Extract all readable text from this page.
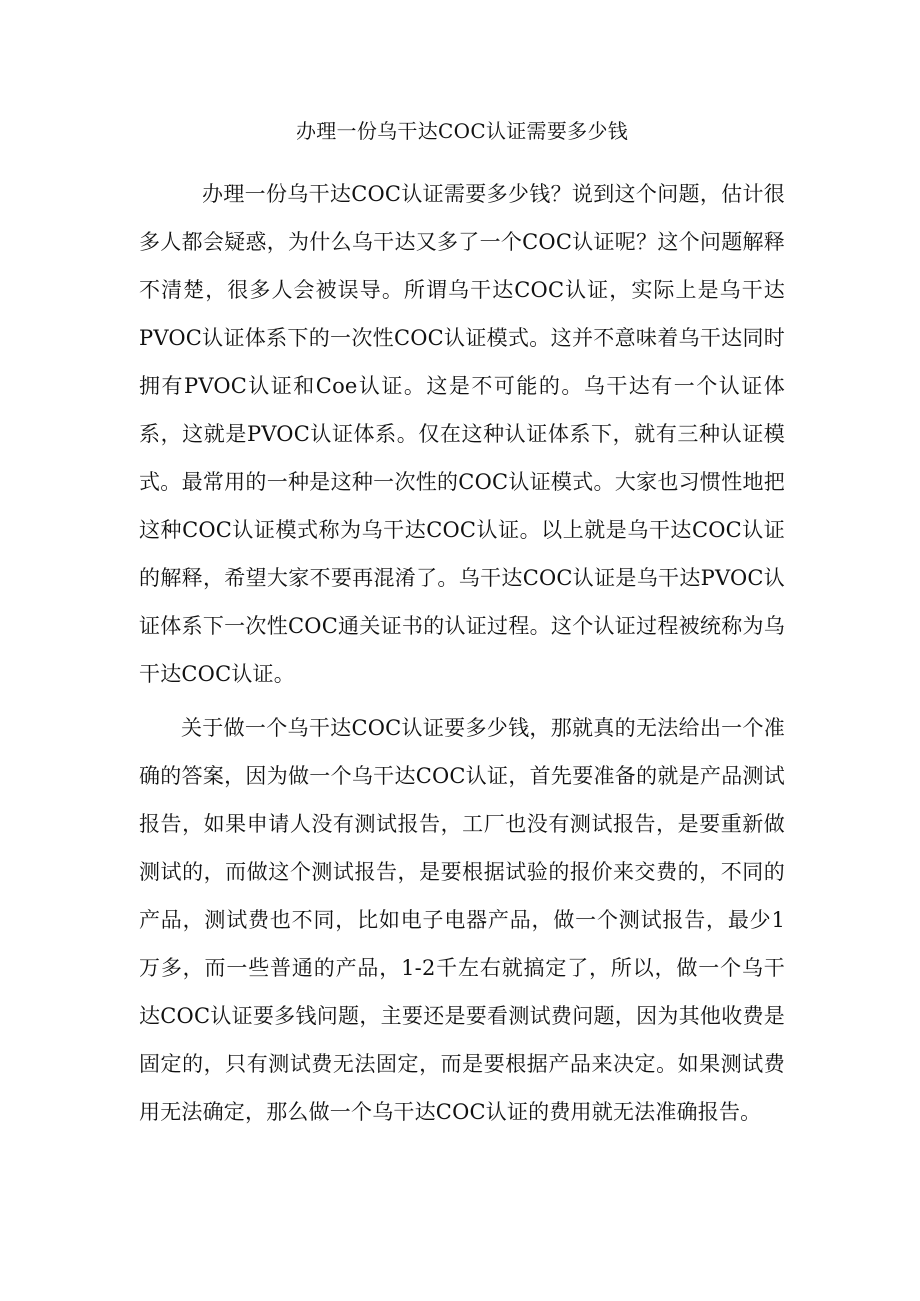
办理一份乌干达COC认证需要多少钱

办理一份乌干达COC认证需要多少钱？说到这个问题，估计很多人都会疑惑，为什么乌干达又多了一个COC认证呢？这个问题解释不清楚，很多人会被误导。所谓乌干达COC认证，实际上是乌干达PVOC认证体系下的一次性COC认证模式。这并不意味着乌干达同时拥有PVOC认证和Coe认证。这是不可能的。乌干达有一个认证体系，这就是PVOC认证体系。仅在这种认证体系下，就有三种认证模式。最常用的一种是这种一次性的COC认证模式。大家也习惯性地把这种COC认证模式称为乌干达COC认证。以上就是乌干达COC认证的解释，希望大家不要再混淆了。乌干达COC认证是乌干达PVOC认证体系下一次性COC通关证书的认证过程。这个认证过程被统称为乌干达COC认证。

关于做一个乌干达COC认证要多少钱，那就真的无法给出一个准确的答案，因为做一个乌干达COC认证，首先要准备的就是产品测试报告，如果申请人没有测试报告，工厂也没有测试报告，是要重新做测试的，而做这个测试报告，是要根据试验的报价来交费的，不同的产品，测试费也不同，比如电子电器产品，做一个测试报告，最少1万多，而一些普通的产品，1-2千左右就搞定了，所以，做一个乌干达COC认证要多钱问题，主要还是要看测试费问题，因为其他收费是固定的，只有测试费无法固定，而是要根据产品来决定。如果测试费用无法确定，那么做一个乌干达COC认证的费用就无法准确报告。
